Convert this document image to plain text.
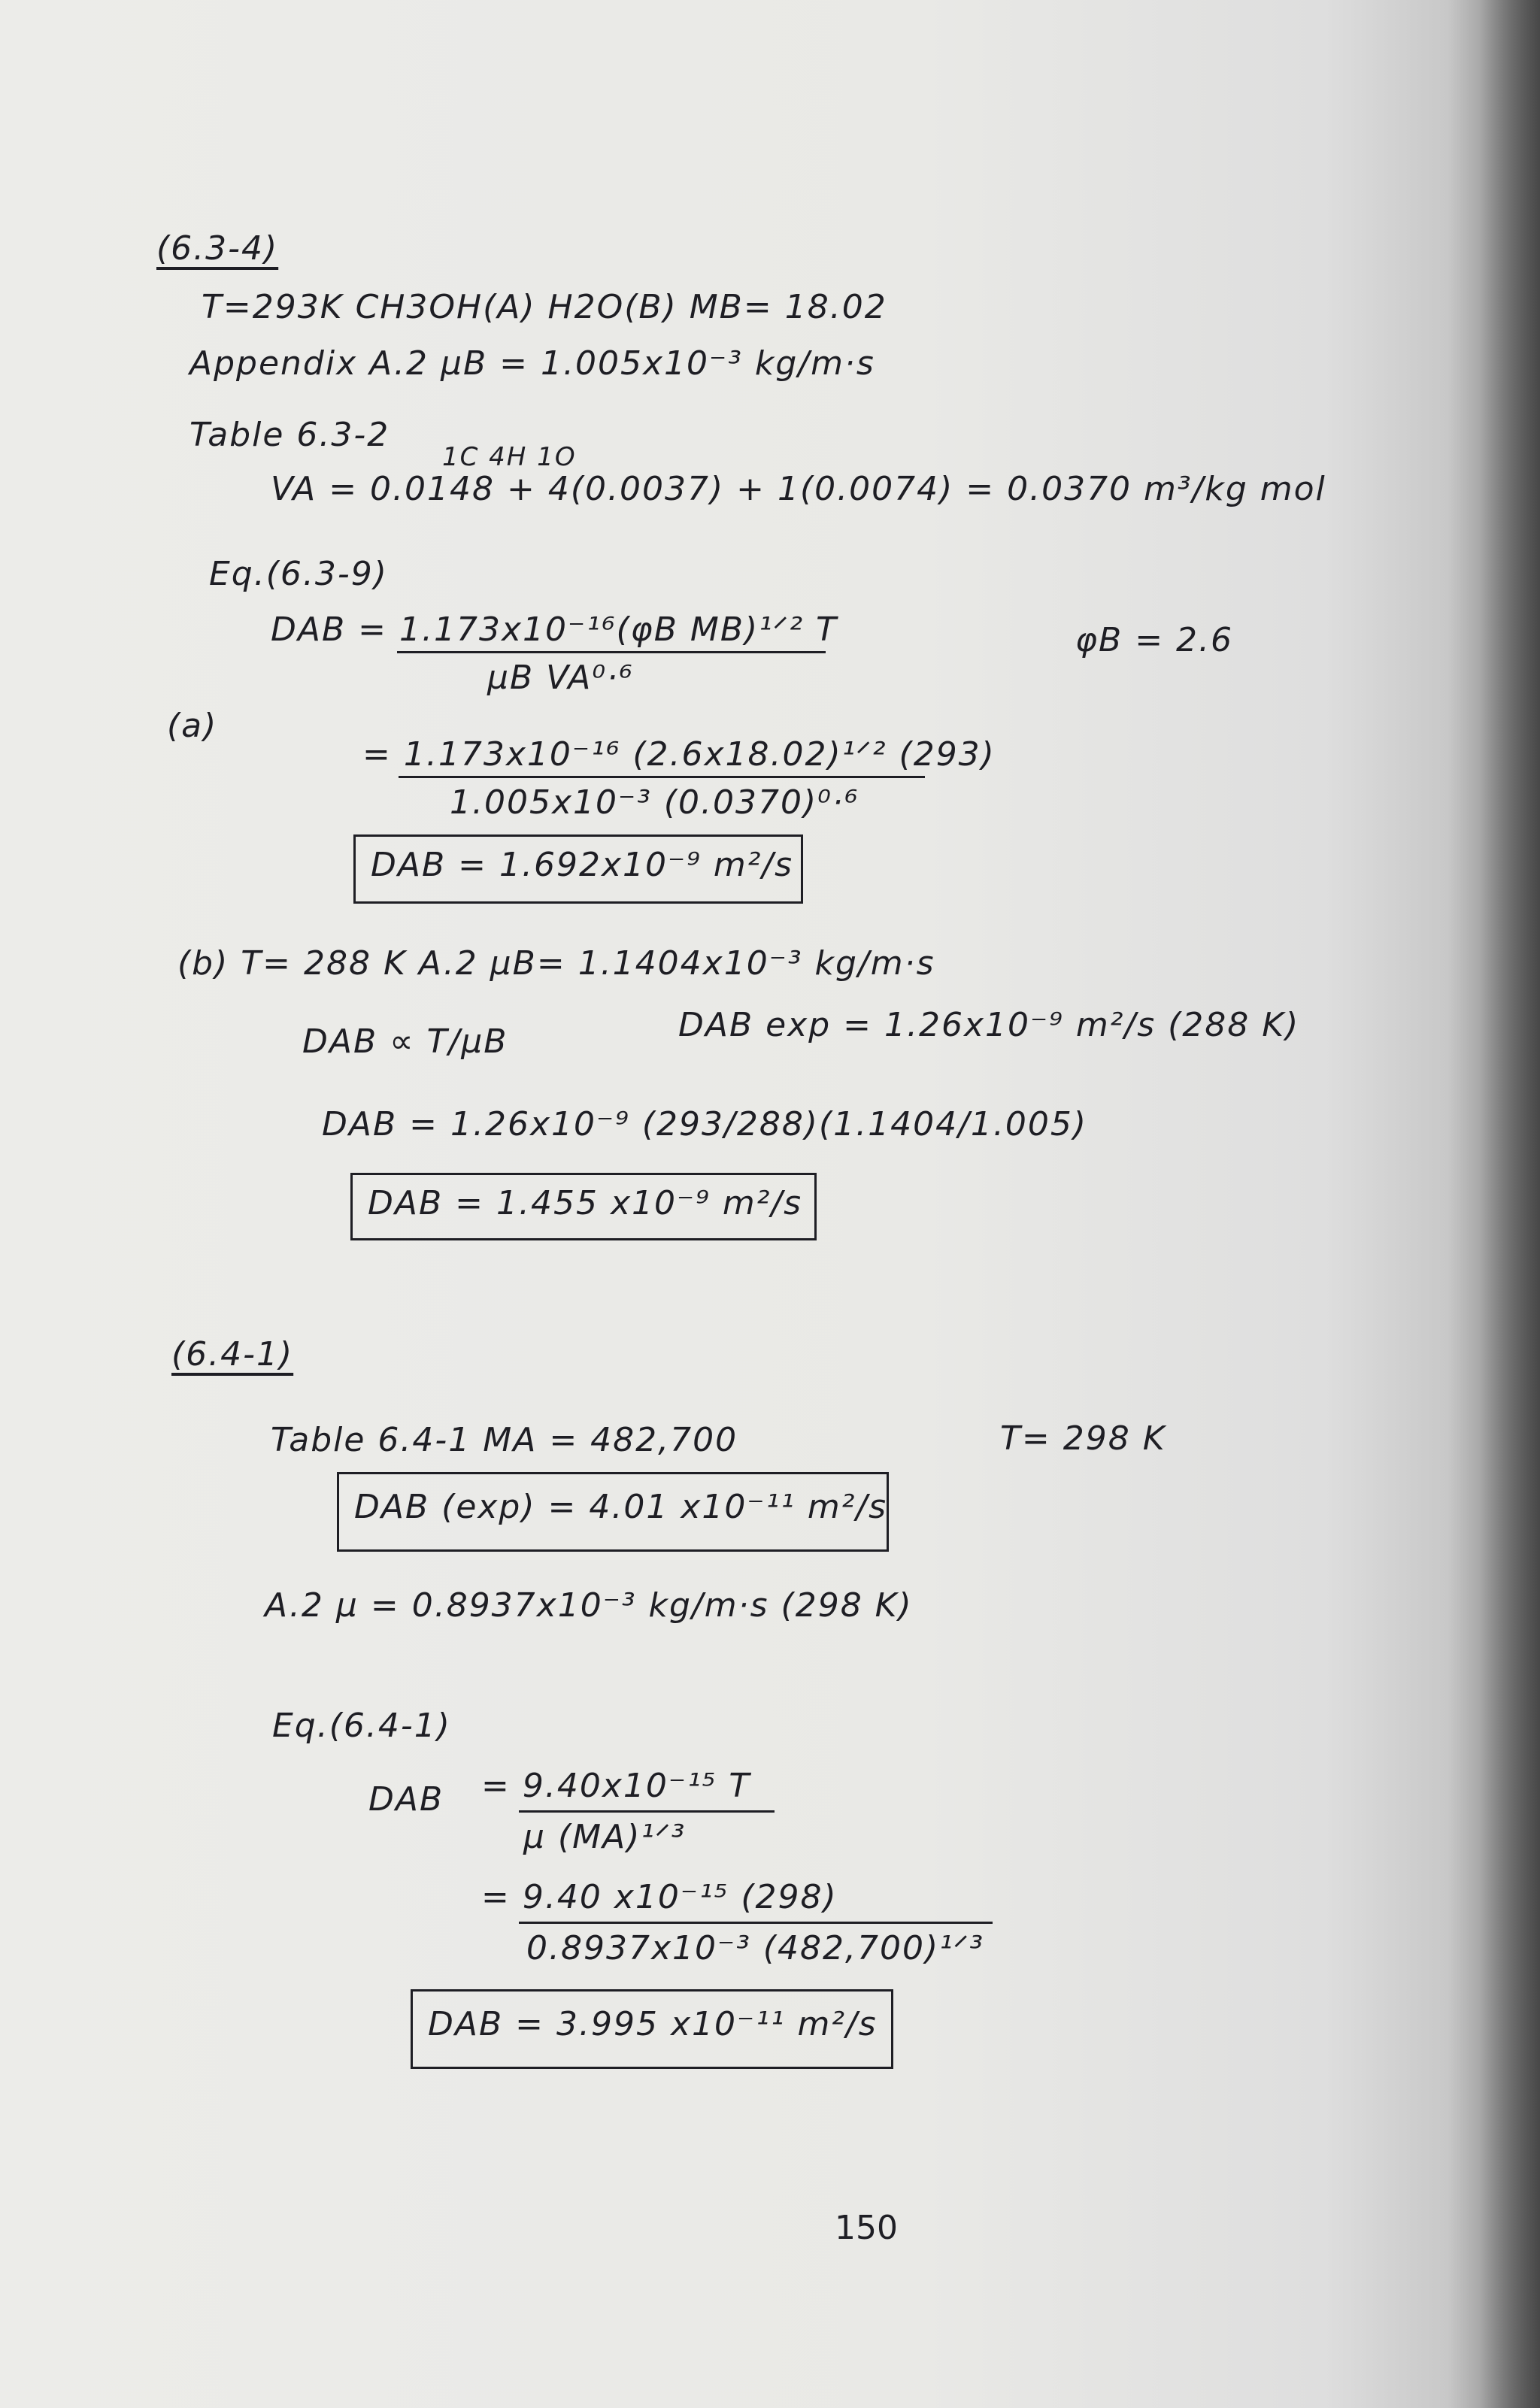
(6.3-4)
T=293K CH3OH(A) H2O(B) MB= 18.02
Appendix A.2 μB = 1.005x10⁻³ kg/m·s
Table 6.3-2
1C 4H 1O
VA = 0.0148 + 4(0.0037) + 1(0.0074) = 0.0370 m³/kg mol
Eq.(6.3-9)
DAB = 1.173x10⁻¹⁶(φB MB)¹ᐟ² T
μB VA⁰·⁶
φB = 2.6
(a)
= 1.173x10⁻¹⁶ (2.6x18.02)¹ᐟ² (293)
1.005x10⁻³ (0.0370)⁰·⁶
DAB = 1.692x10⁻⁹ m²/s
(b) T= 288 K A.2 μB= 1.1404x10⁻³ kg/m·s
DAB ∝ T/μB	DAB exp = 1.26x10⁻⁹ m²/s (288 K)
DAB = 1.26x10⁻⁹ (293/288)(1.1404/1.005)
DAB = 1.455 x10⁻⁹ m²/s
(6.4-1)
Table 6.4-1 MA = 482,700	T= 298 K
DAB (exp) = 4.01 x10⁻¹¹ m²/s
A.2 μ = 0.8937x10⁻³ kg/m·s (298 K)
Eq.(6.4-1)
DAB = 9.40x10⁻¹⁵ T
μ (MA)¹ᐟ³
= 9.40 x10⁻¹⁵ (298)
0.8937x10⁻³ (482,700)¹ᐟ³
DAB = 3.995 x10⁻¹¹ m²/s
150
